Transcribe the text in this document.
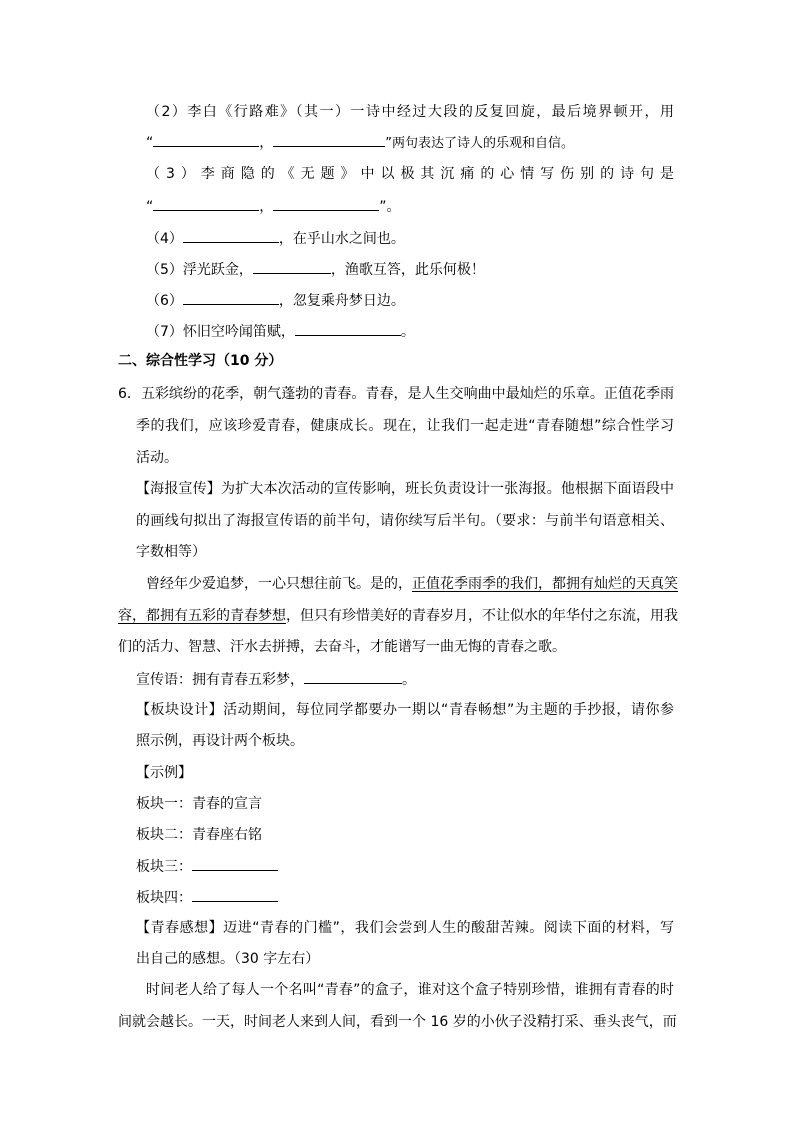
（2）李白《行路难》（其一）一诗中经过大段的反复回旋，最后境界顿开，用
“	，	”两句表达了诗人的乐观和自信。
（3）李商隐的《无题》中以极其沉痛的心情写伤别的诗句是
“	，	”。
（4）	，在乎山水之间也。
（5）浮光跃金，	，渔歌互答，此乐何极！
（6）	，忽复乘舟梦日边。
（7）怀旧空吟闻笛赋，	。
二、综合性学习（10 分）
6．五彩缤纷的花季，朝气蓬勃的青春。青春，是人生交响曲中最灿烂的乐章。正值花季雨
季的我们，应该珍爱青春，健康成长。现在，让我们一起走进“青春随想”综合性学习
活动。
【海报宣传】为扩大本次活动的宣传影响，班长负责设计一张海报。他根据下面语段中
的画线句拟出了海报宣传语的前半句，请你续写后半句。（要求：与前半句语意相关、
字数相等）
曾经年少爱追梦，一心只想往前飞。是的，正值花季雨季的我们，都拥有灿烂的天真笑
容，都拥有五彩的青春梦想，但只有珍惜美好的青春岁月，不让似水的年华付之东流，用我
们的活力、智慧、汗水去拼搏，去奋斗，才能谱写一曲无悔的青春之歌。
宣传语：拥有青春五彩梦，	。
【板块设计】活动期间，每位同学都要办一期以“青春畅想”为主题的手抄报，请你参
照示例，再设计两个板块。
【示例】
板块一：青春的宣言
板块二：青春座右铭
板块三：
板块四：
【青春感想】迈进“青春的门槛”，我们会尝到人生的酸甜苦辣。阅读下面的材料，写
出自己的感想。（30 字左右）
时间老人给了每人一个名叫“青春”的盒子，谁对这个盒子特别珍惜，谁拥有青春的时
间就会越长。一天，时间老人来到人间，看到一个 16 岁的小伙子没精打采、垂头丧气，而
